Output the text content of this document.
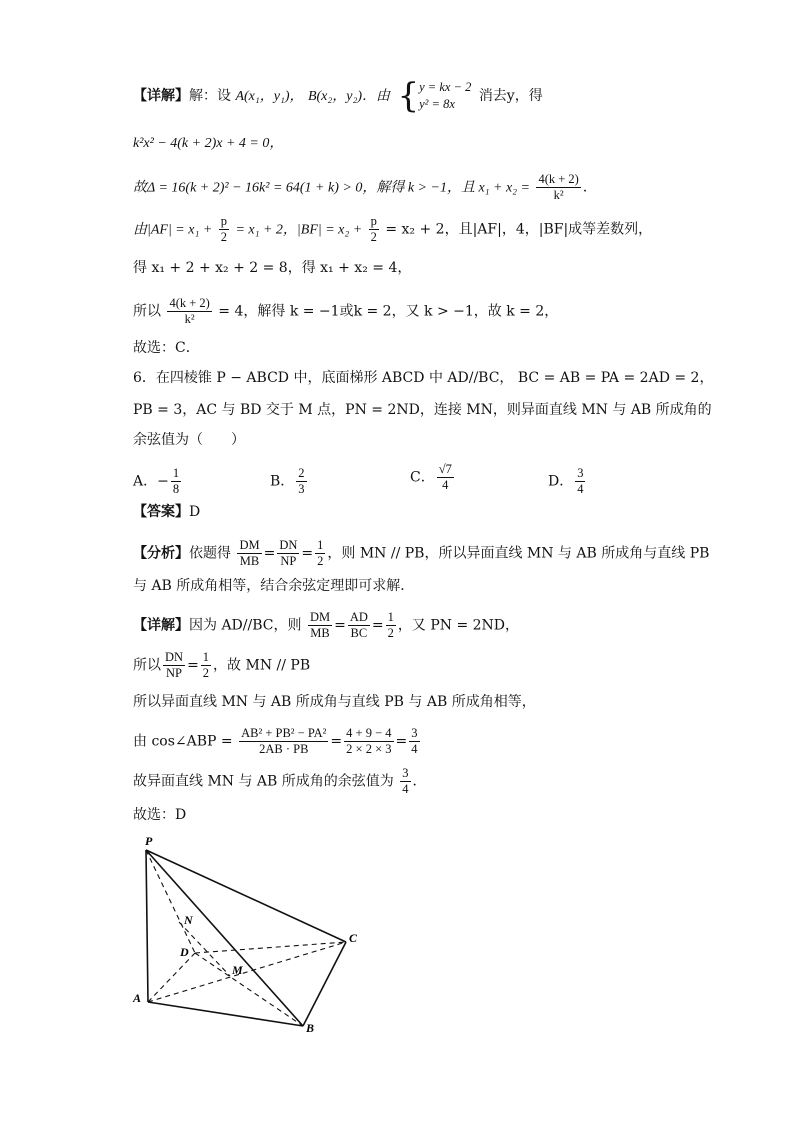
【详解】解：设 A(x₁，y₁)， B(x₂，y₂)．由 { y = kx − 2
y² = 8x	消去y，得
k²x² − 4(k + 2)x + 4 = 0，
故Δ = 16(k + 2)² − 16k² = 64(1 + k) > 0，解得 k > −1，且 $x_1 + x_2 = \frac{4(k + 2)}{\text{k²}}$ ．
由$|AF| = x_1 + \frac{p}{2} = x_1 + 2$，$|BF| = x_2 + \frac{p}{2} = x_2 + 2$，且|AF|，4，|BF|成等差数列，
得 x₁ + 2 + x₂ + 2 = 8，得 x₁ + x₂ = 4，
所以 $\frac{4(k + 2)}{\text{k²}} = 4$，解得 k = −1或k = 2，又 k > −1，故 k = 2，
故选：C．
6．在四棱锥 P − ABCD 中，底面梯形 ABCD 中 AD//BC， BC = AB = PA = 2AD = 2，
PB = 3，AC 与 BD 交于 M 点，PN = 2ND，连接 MN，则异面直线 MN 与 AB 所成角的
余弦值为（　　）
A．− $\frac{1}{8}$	B． $\frac{2}{3}$	C． $\frac{√7}{4}$	D． $\frac{3}{4}$
【答案】D
【分析】依题得 $\frac{DM}{MB} = \frac{DN}{NP} = \frac{1}{2}$ ，则 MN // PB，所以异面直线 MN 与 AB 所成角与直线 PB
与 AB 所成角相等，结合余弦定理即可求解．
【详解】因为 AD//BC，则 $\frac{DM}{MB} = \frac{AD}{BC} = \frac{1}{2}$ ，又 PN = 2ND，
所以 $\frac{DN}{NP} = \frac{1}{2}$ ，故 MN // PB
所以异面直线 MN 与 AB 所成角与直线 PB 与 AB 所成角相等，
由 cos∠ABP = $\frac{\text{AB² + PB² − PA²}}{2AB \cdot PB} = \frac{4 + 9 - 4}{2 \times 2 \times 3} = \frac{3}{4}$
故异面直线 MN 与 AB 所成角的余弦值为 $\frac{3}{4}$ ．
故选：D
P
N
D
M
A
B
C
